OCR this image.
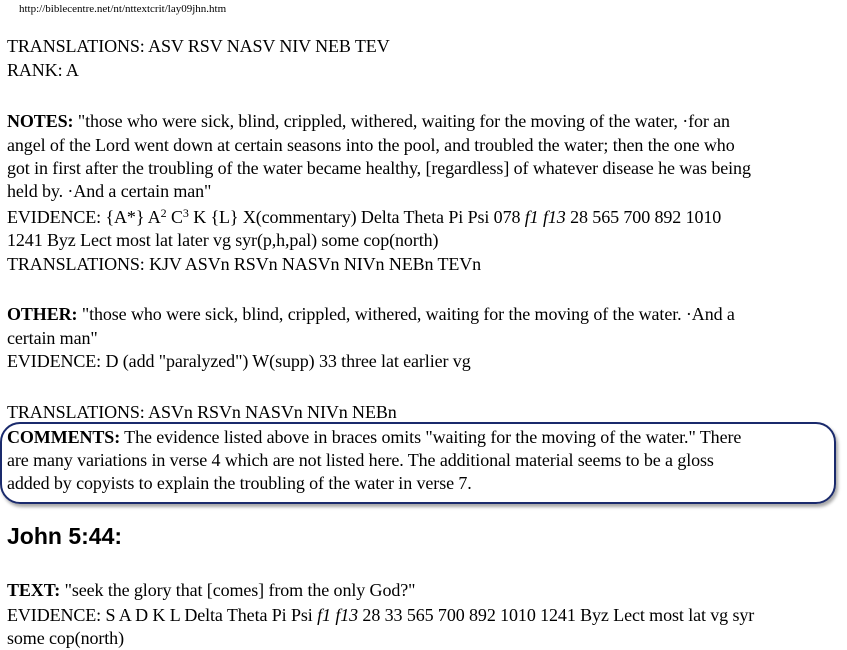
http://biblecentre.net/nt/nttextcrit/lay09jhn.htm
TRANSLATIONS: ASV RSV NASV NIV NEB TEV
RANK: A
NOTES: "those who were sick, blind, crippled, withered, waiting for the moving of the water, ·for an
angel of the Lord went down at certain seasons into the pool, and troubled the water; then the one who
got in first after the troubling of the water became healthy, [regardless] of whatever disease he was being
held by. ·And a certain man"
EVIDENCE: {A*} $A^2$ $C^3$ K {L} X(commentary) Delta Theta Pi Psi 078 f1 f13 28 565 700 892 1010
1241 Byz Lect most lat later vg syr(p,h,pal) some cop(north)
TRANSLATIONS: KJV ASVn RSVn NASVn NIVn NEBn TEVn
OTHER: "those who were sick, blind, crippled, withered, waiting for the moving of the water. ·And a
certain man"
EVIDENCE: D (add "paralyzed") W(supp) 33 three lat earlier vg
TRANSLATIONS: ASVn RSVn NASVn NIVn NEBn
COMMENTS: The evidence listed above in braces omits "waiting for the moving of the water." There
are many variations in verse 4 which are not listed here. The additional material seems to be a gloss
added by copyists to explain the troubling of the water in verse 7.
John 5:44:
TEXT: "seek the glory that [comes] from the only God?"
EVIDENCE: S A D K L Delta Theta Pi Psi f1 f13 28 33 565 700 892 1010 1241 Byz Lect most lat vg syr
some cop(north)
